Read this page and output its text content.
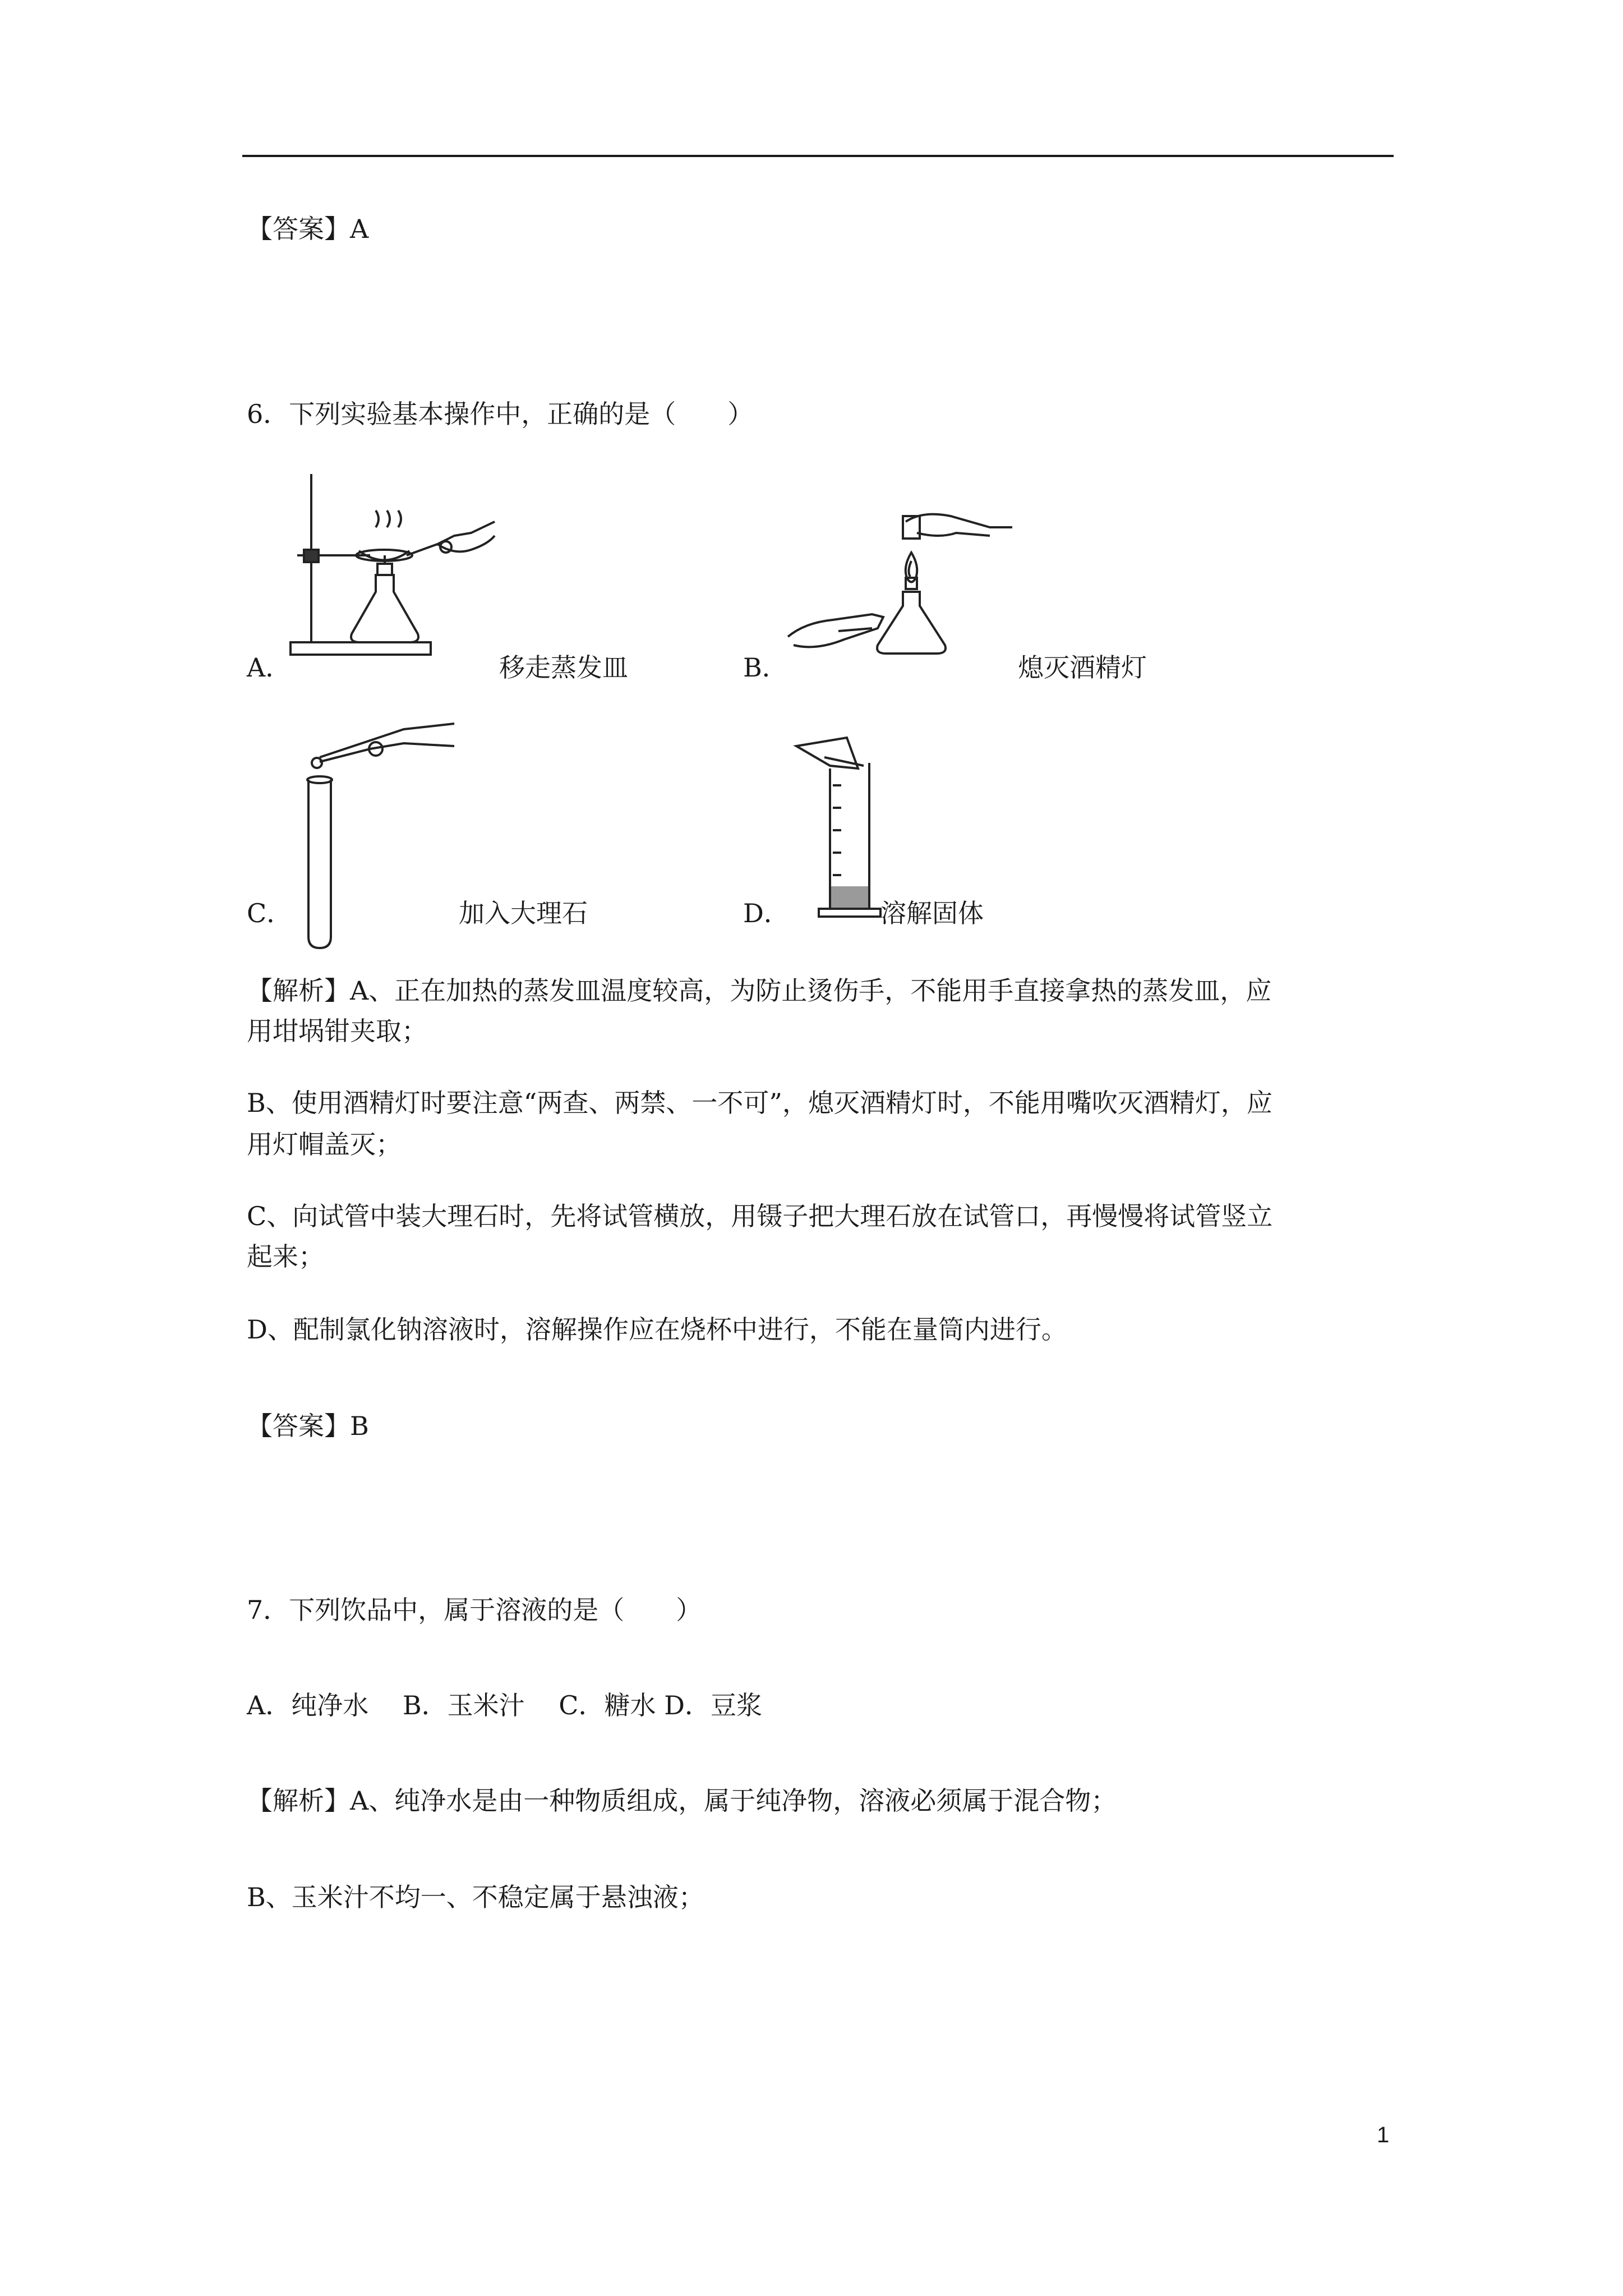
【答案】A
6．下列实验基本操作中，正确的是（　　）
A．	移走蒸发皿	B．	熄灭酒精灯
C．	加入大理石	D．	溶解固体
【解析】A、正在加热的蒸发皿温度较高，为防止烫伤手，不能用手直接拿热的蒸发皿，应
用坩埚钳夹取；
B、使用酒精灯时要注意“两查、两禁、一不可”，熄灭酒精灯时，不能用嘴吹灭酒精灯，应
用灯帽盖灭；
C、向试管中装大理石时，先将试管横放，用镊子把大理石放在试管口，再慢慢将试管竖立
起来；
D、配制氯化钠溶液时，溶解操作应在烧杯中进行，不能在量筒内进行。
【答案】B
7．下列饮品中，属于溶液的是（　　）
A．纯净水　 B．玉米汁　 C．糖水 D．豆浆
【解析】A、纯净水是由一种物质组成，属于纯净物，溶液必须属于混合物；
B、玉米汁不均一、不稳定属于悬浊液；
1
